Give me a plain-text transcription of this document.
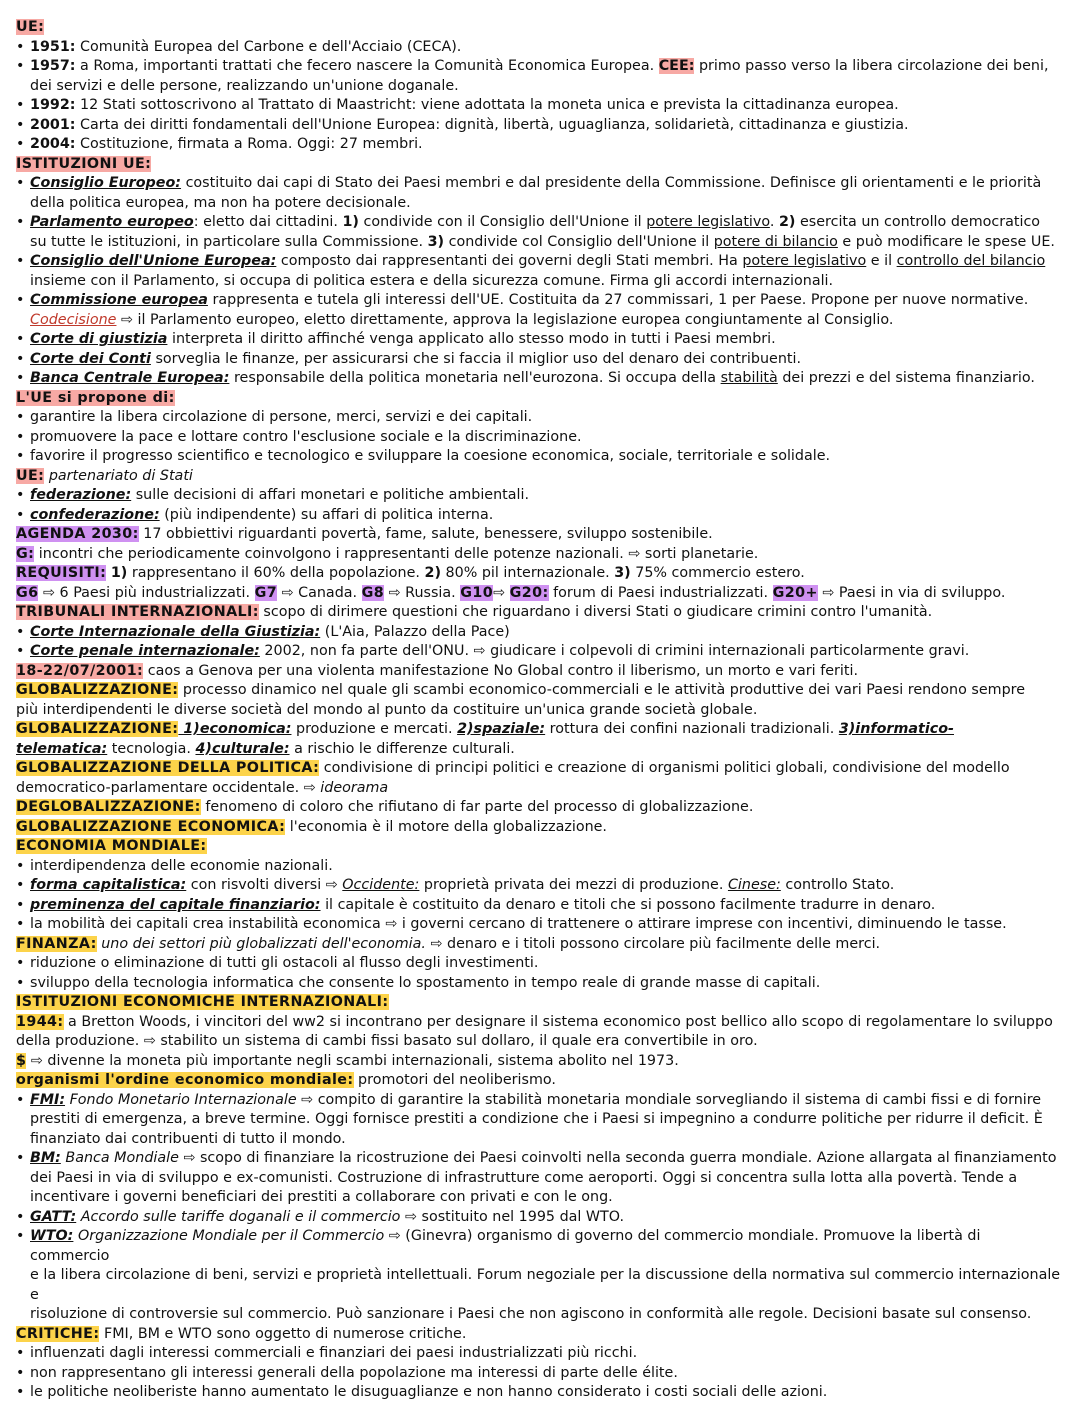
UE:
• 1951: Comunità Europea del Carbone e dell'Acciaio (CECA).
• 1957: a Roma, importanti trattati che fecero nascere la Comunità Economica Europea. CEE: primo passo verso la libera circolazione dei beni,
dei servizi e delle persone, realizzando un'unione doganale.
• 1992: 12 Stati sottoscrivono al Trattato di Maastricht: viene adottata la moneta unica e prevista la cittadinanza europea.
• 2001: Carta dei diritti fondamentali dell'Unione Europea: dignità, libertà, uguaglianza, solidarietà, cittadinanza e giustizia.
• 2004: Costituzione, firmata a Roma. Oggi: 27 membri.
ISTITUZIONI UE:
• Consiglio Europeo: costituito dai capi di Stato dei Paesi membri e dal presidente della Commissione. Definisce gli orientamenti e le priorità
della politica europea, ma non ha potere decisionale.
• Parlamento europeo: eletto dai cittadini. 1) condivide con il Consiglio dell'Unione il potere legislativo. 2) esercita un controllo democratico
su tutte le istituzioni, in particolare sulla Commissione. 3) condivide col Consiglio dell'Unione il potere di bilancio e può modificare le spese UE.
• Consiglio dell'Unione Europea: composto dai rappresentanti dei governi degli Stati membri. Ha potere legislativo e il controllo del bilancio
insieme con il Parlamento, si occupa di politica estera e della sicurezza comune. Firma gli accordi internazionali.
• Commissione europea rappresenta e tutela gli interessi dell'UE. Costituita da 27 commissari, 1 per Paese. Propone per nuove normative.
Codecisione ⇨ il Parlamento europeo, eletto direttamente, approva la legislazione europea congiuntamente al Consiglio.
• Corte di giustizia interpreta il diritto affinché venga applicato allo stesso modo in tutti i Paesi membri.
• Corte dei Conti sorveglia le finanze, per assicurarsi che si faccia il miglior uso del denaro dei contribuenti.
• Banca Centrale Europea: responsabile della politica monetaria nell'eurozona. Si occupa della stabilità dei prezzi e del sistema finanziario.
L'UE si propone di:
• garantire la libera circolazione di persone, merci, servizi e dei capitali.
• promuovere la pace e lottare contro l'esclusione sociale e la discriminazione.
• favorire il progresso scientifico e tecnologico e sviluppare la coesione economica, sociale, territoriale e solidale.
UE: partenariato di Stati
• federazione: sulle decisioni di affari monetari e politiche ambientali.
• confederazione: (più indipendente) su affari di politica interna.
AGENDA 2030: 17 obbiettivi riguardanti povertà, fame, salute, benessere, sviluppo sostenibile.
G: incontri che periodicamente coinvolgono i rappresentanti delle potenze nazionali. ⇨ sorti planetarie.
REQUISITI: 1) rappresentano il 60% della popolazione. 2) 80% pil internazionale. 3) 75% commercio estero.
G6 ⇨ 6 Paesi più industrializzati. G7 ⇨ Canada. G8 ⇨ Russia. G10⇨ G20: forum di Paesi industrializzati. G20+ ⇨ Paesi in via di sviluppo.
TRIBUNALI INTERNAZIONALI: scopo di dirimere questioni che riguardano i diversi Stati o giudicare crimini contro l'umanità.
• Corte Internazionale della Giustizia: (L'Aia, Palazzo della Pace)
• Corte penale internazionale: 2002, non fa parte dell'ONU. ⇨ giudicare i colpevoli di crimini internazionali particolarmente gravi.
18-22/07/2001: caos a Genova per una violenta manifestazione No Global contro il liberismo, un morto e vari feriti.
GLOBALIZZAZIONE: processo dinamico nel quale gli scambi economico-commerciali e le attività produttive dei vari Paesi rendono sempre
più interdipendenti le diverse società del mondo al punto da costituire un'unica grande società globale.
GLOBALIZZAZIONE: 1)economica: produzione e mercati. 2)spaziale: rottura dei confini nazionali tradizionali. 3)informatico-
telematica: tecnologia. 4)culturale: a rischio le differenze culturali.
GLOBALIZZAZIONE DELLA POLITICA: condivisione di principi politici e creazione di organismi politici globali, condivisione del modello
democratico-parlamentare occidentale. ⇨ ideorama
DEGLOBALIZZAZIONE: fenomeno di coloro che rifiutano di far parte del processo di globalizzazione.
GLOBALIZZAZIONE ECONOMICA: l'economia è il motore della globalizzazione.
ECONOMIA MONDIALE:
• interdipendenza delle economie nazionali.
• forma capitalistica: con risvolti diversi ⇨ Occidente: proprietà privata dei mezzi di produzione. Cinese: controllo Stato.
• preminenza del capitale finanziario: il capitale è costituito da denaro e titoli che si possono facilmente tradurre in denaro.
• la mobilità dei capitali crea instabilità economica ⇨ i governi cercano di trattenere o attirare imprese con incentivi, diminuendo le tasse.
FINANZA: uno dei settori più globalizzati dell'economia. ⇨ denaro e i titoli possono circolare più facilmente delle merci.
• riduzione o eliminazione di tutti gli ostacoli al flusso degli investimenti.
• sviluppo della tecnologia informatica che consente lo spostamento in tempo reale di grande masse di capitali.
ISTITUZIONI ECONOMICHE INTERNAZIONALI:
1944: a Bretton Woods, i vincitori del ww2 si incontrano per designare il sistema economico post bellico allo scopo di regolamentare lo sviluppo
della produzione. ⇨ stabilito un sistema di cambi fissi basato sul dollaro, il quale era convertibile in oro.
$ ⇨ divenne la moneta più importante negli scambi internazionali, sistema abolito nel 1973.
organismi l'ordine economico mondiale: promotori del neoliberismo.
• FMI: Fondo Monetario Internazionale ⇨ compito di garantire la stabilità monetaria mondiale sorvegliando il sistema di cambi fissi e di fornire
prestiti di emergenza, a breve termine. Oggi fornisce prestiti a condizione che i Paesi si impegnino a condurre politiche per ridurre il deficit. È
finanziato dai contribuenti di tutto il mondo.
• BM: Banca Mondiale ⇨ scopo di finanziare la ricostruzione dei Paesi coinvolti nella seconda guerra mondiale. Azione allargata al finanziamento
dei Paesi in via di sviluppo e ex-comunisti. Costruzione di infrastrutture come aeroporti. Oggi si concentra sulla lotta alla povertà. Tende a
incentivare i governi beneficiari dei prestiti a collaborare con privati e con le ong.
• GATT: Accordo sulle tariffe doganali e il commercio ⇨ sostituito nel 1995 dal WTO.
• WTO: Organizzazione Mondiale per il Commercio ⇨ (Ginevra) organismo di governo del commercio mondiale. Promuove la libertà di commercio
e la libera circolazione di beni, servizi e proprietà intellettuali. Forum negoziale per la discussione della normativa sul commercio internazionale e
risoluzione di controversie sul commercio. Può sanzionare i Paesi che non agiscono in conformità alle regole. Decisioni basate sul consenso.
CRITICHE: FMI, BM e WTO sono oggetto di numerose critiche.
• influenzati dagli interessi commerciali e finanziari dei paesi industrializzati più ricchi.
• non rappresentano gli interessi generali della popolazione ma interessi di parte delle élite.
• le politiche neoliberiste hanno aumentato le disuguaglianze e non hanno considerato i costi sociali delle azioni.
